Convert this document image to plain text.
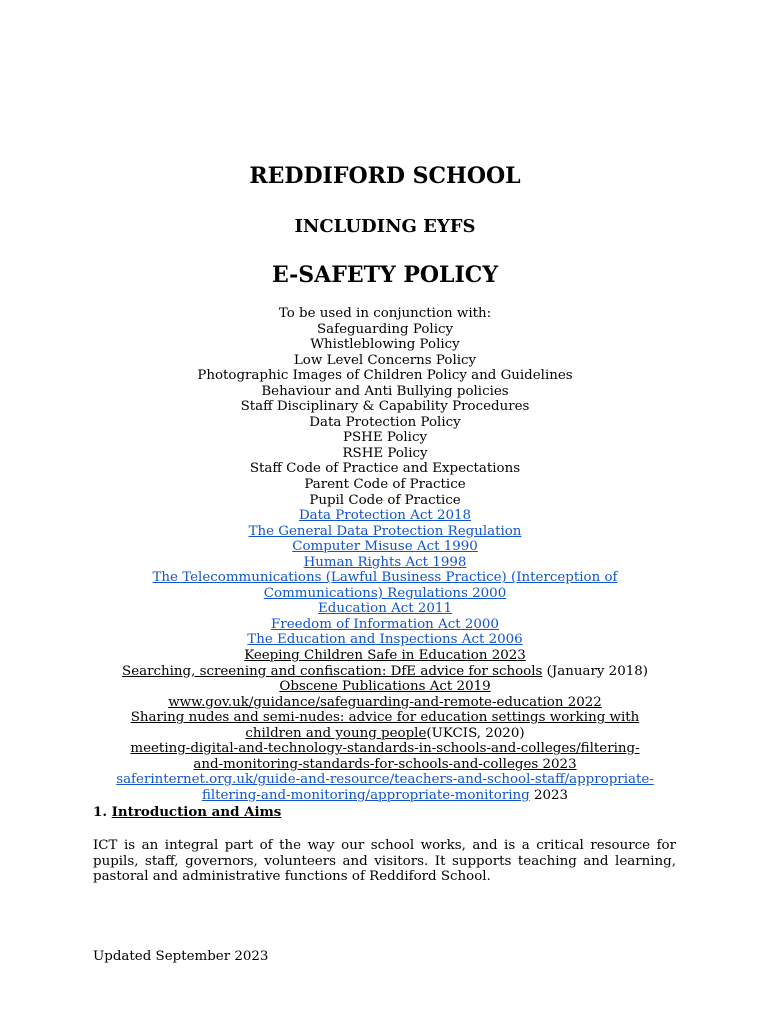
REDDIFORD SCHOOL
INCLUDING EYFS
E-SAFETY POLICY
To be used in conjunction with:
Safeguarding Policy
Whistleblowing Policy
Low Level Concerns Policy
Photographic Images of Children Policy and Guidelines
Behaviour and Anti Bullying policies
Staff Disciplinary & Capability Procedures
Data Protection Policy
PSHE Policy
RSHE Policy
Staff Code of Practice and Expectations
Parent Code of Practice
Pupil Code of Practice
Data Protection Act 2018
The General Data Protection Regulation
Computer Misuse Act 1990
Human Rights Act 1998
The Telecommunications (Lawful Business Practice) (Interception of
Communications) Regulations 2000
Education Act 2011
Freedom of Information Act 2000
The Education and Inspections Act 2006
Keeping Children Safe in Education 2023
Searching, screening and confiscation: DfE advice for schools (January 2018)
Obscene Publications Act 2019
www.gov.uk/guidance/safeguarding-and-remote-education 2022
Sharing nudes and semi-nudes: advice for education settings working with
children and young people(UKCIS, 2020)
meeting-digital-and-technology-standards-in-schools-and-colleges/filtering-
and-monitoring-standards-for-schools-and-colleges 2023
saferinternet.org.uk/guide-and-resource/teachers-and-school-staff/appropriate-
filtering-and-monitoring/appropriate-monitoring 2023
1. Introduction and Aims
ICT is an integral part of the way our school works, and is a critical resource for pupils, staff, governors, volunteers and visitors. It supports teaching and learning, pastoral and administrative functions of Reddiford School.
Updated September 2023
